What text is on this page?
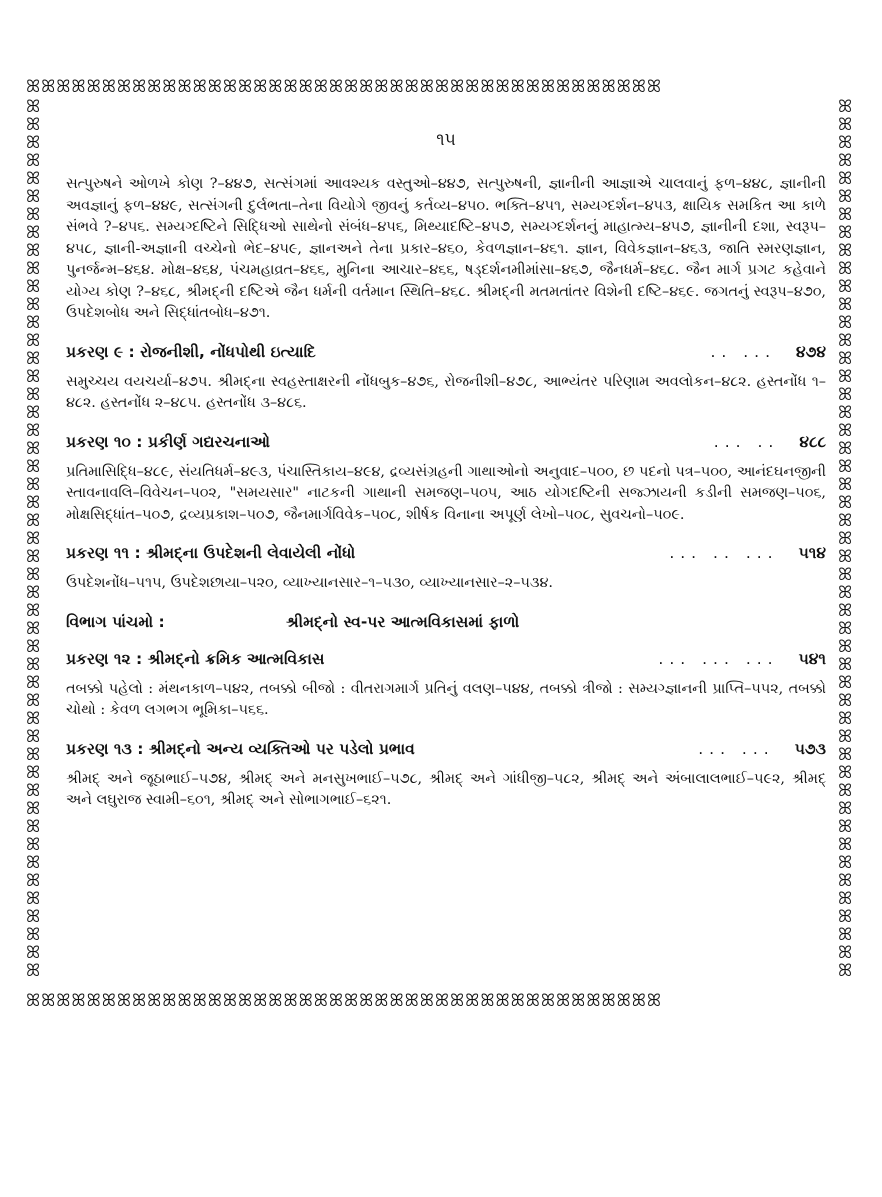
ꕤꕤꕤꕤꕤꕤꕤꕤꕤꕤꕤꕤꕤꕤꕤꕤꕤꕤꕤꕤꕤꕤꕤꕤꕤꕤꕤꕤꕤꕤꕤꕤꕤꕤꕤꕤꕤꕤꕤꕤꕤꕤ
ꕤꕤꕤꕤꕤꕤꕤꕤꕤꕤꕤꕤꕤꕤꕤꕤꕤꕤꕤꕤꕤꕤꕤꕤꕤꕤꕤꕤꕤꕤꕤꕤꕤꕤꕤꕤꕤꕤꕤꕤꕤꕤꕤꕤꕤꕤꕤꕤꕤ
ꕤꕤꕤꕤꕤꕤꕤꕤꕤꕤꕤꕤꕤꕤꕤꕤꕤꕤꕤꕤꕤꕤꕤꕤꕤꕤꕤꕤꕤꕤꕤꕤꕤꕤꕤꕤꕤꕤꕤꕤꕤꕤꕤꕤꕤꕤꕤꕤꕤ
ꕤꕤꕤꕤꕤꕤꕤꕤꕤꕤꕤꕤꕤꕤꕤꕤꕤꕤꕤꕤꕤꕤꕤꕤꕤꕤꕤꕤꕤꕤꕤꕤꕤꕤꕤꕤꕤꕤꕤꕤꕤꕤ
૧૫

સત્પુરુષને ઓળખે કોણ ?–૪૪૭, સત્સંગમાં આવશ્યક વસ્તુઓ–૪૪૭, સત્પુરુષની, જ્ઞાનીની આજ્ઞાએ ચાલવાનું ફળ–૪૪૮, જ્ઞાનીની અવજ્ઞાનું ફળ–૪૪૯, સત્સંગની દુર્લભતા–તેના વિયોગે જીવનું કર્તવ્ય–૪૫૦. ભક્તિ–૪૫૧, સમ્યગ્દર્શન–૪૫૩, ક્ષાયિક સમકિત આ કાળે સંભવે ?–૪૫૬. સમ્યગ્દષ્ટિને સિદ્ધિઓ સાથેનો સંબંધ–૪૫૬, મિથ્યાદષ્ટિ–૪૫૭, સમ્યગ્દર્શનનું માહાત્મ્ય–૪૫૭, જ્ઞાનીની દશા, સ્વરૂપ–૪૫૮, જ્ઞાની-અજ્ઞાની વચ્ચેનો ભેદ–૪૫૯, જ્ઞાનઅને તેના પ્રકાર–૪૬૦, કેવળજ્ઞાન–૪૬૧. જ્ઞાન, વિવેકજ્ઞાન–૪૬૩, જાતિ સ્મરણજ્ઞાન, પુનર્જન્મ–૪૬૪. મોક્ષ–૪૬૪, પંચમહાવ્રત–૪૬૬, મુનિના આચાર–૪૬૬, ષડ્દર્શનમીમાંસા–૪૬૭, જૈનધર્મ–૪૬૮. જૈન માર્ગ પ્રગટ કહેવાને યોગ્ય કોણ ?–૪૬૮, શ્રીમદ્ની દષ્ટિએ જૈન ધર્મની વર્તમાન સ્થિતિ–૪૬૮. શ્રીમદ્ની મતમતાંતર વિશેની દષ્ટિ–૪૬૯. જગતનું સ્વરૂપ–૪૭૦, ઉપદેશબોધ અને સિદ્ધાંતબોધ–૪૭૧.

પ્રકરણ ૯ : રોજનીશી, નોંધપોથી ઇત્યાદિ	.. ...	૪૭૪

સમુચ્ચય વયચર્યા–૪૭૫. શ્રીમદ્ના સ્વહસ્તાક્ષરની નોંધબુક–૪૭૬, રોજનીશી–૪૭૮, આભ્યંતર પરિણામ અવલોકન–૪૮૨. હસ્તનોંધ ૧–૪૮૨. હસ્તનોંધ ૨–૪૮૫. હસ્તનોંધ ૩–૪૮૬.

પ્રકરણ ૧૦ : પ્રકીર્ણ ગદ્યરચનાઓ	... ..	૪૮૮

પ્રતિમાસિદ્ધિ–૪૮૯, સંયતિધર્મ–૪૯૩, પંચાસ્તિકાય–૪૯૪, દ્રવ્યસંગ્રહની ગાથાઓનો અનુવાદ–૫૦૦, છ પદનો પત્ર–૫૦૦, આનંદઘનજીની સ્તાવનાવલિ–વિવેચન–૫૦૨, "સમયસાર" નાટકની ગાથાની સમજણ–૫૦૫, આઠ યોગદષ્ટિની સજ્ઝાયની કડીની સમજણ–૫૦૬, મોક્ષસિદ્ધાંત–૫૦૭, દ્રવ્યપ્રકાશ–૫૦૭, જૈનમાર્ગવિવેક–૫૦૮, શીર્ષક વિનાના અપૂર્ણ લેખો–૫૦૮, સુવચનો–૫૦૯.

પ્રકરણ ૧૧ : શ્રીમદ્ના ઉપદેશની લેવાયેલી નોંધો	... .. ...	૫૧૪

ઉપદેશનોંધ–૫૧૫, ઉપદેશછાયા–૫૨૦, વ્યાખ્યાનસાર–૧–૫૩૦, વ્યાખ્યાનસાર–૨–૫૩૪.

વિભાગ પાંચમો :	શ્રીમદ્નો સ્વ-પર આત્મવિકાસમાં ફાળો
પ્રકરણ ૧૨ : શ્રીમદ્નો ક્રમિક આત્મવિકાસ	... ... ...	૫૪૧

તબક્કો પહેલો : મંથનકાળ–૫૪૨, તબક્કો બીજો : વીતરાગમાર્ગ પ્રતિનું વલણ–૫૪૪, તબક્કો ત્રીજો : સમ્યગ્જ્ઞાનની પ્રાપ્તિ–૫૫૨, તબક્કો ચોથો : કેવળ લગભગ ભૂમિકા–૫૬૬.

પ્રકરણ ૧૩ : શ્રીમદ્નો અન્ય વ્યક્તિઓ પર પડેલો પ્રભાવ	... ...	૫૭૩

શ્રીમદ્ અને જૂઠાભાઈ–૫૭૪, શ્રીમદ્ અને મનસુખભાઈ–૫૭૮, શ્રીમદ્ અને ગાંધીજી–૫૮૨, શ્રીમદ્ અને અંબાલાલભાઈ–૫૯૨, શ્રીમદ્ અને લઘુરાજ સ્વામી–૬૦૧, શ્રીમદ્ અને સોભાગભાઈ–૬૨૧.
